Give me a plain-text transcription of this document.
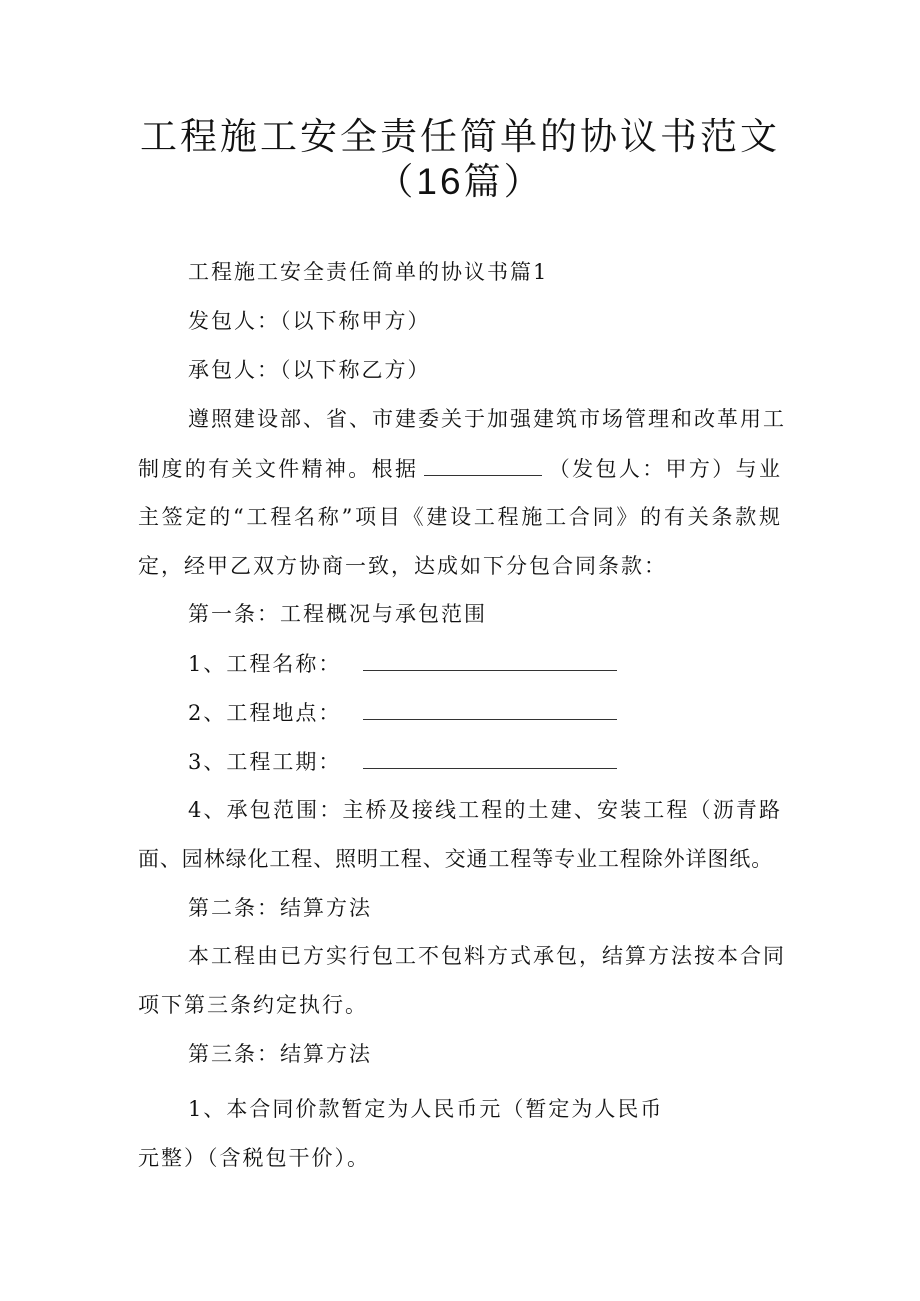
工程施工安全责任简单的协议书范文
（16篇）
工程施工安全责任简单的协议书篇1
发包人：（以下称甲方）
承包人：（以下称乙方）
遵照建设部、省、市建委关于加强建筑市场管理和改革用工
制度的有关文件精神。根据	（发包人：甲方）与业
主签定的“工程名称”项目《建设工程施工合同》的有关条款规
定，经甲乙双方协商一致，达成如下分包合同条款：
第一条：工程概况与承包范围
1、工程名称：
2、工程地点：
3、工程工期：
4、承包范围：主桥及接线工程的土建、安装工程（沥青路
面、园林绿化工程、照明工程、交通工程等专业工程除外详图纸。
第二条：结算方法
本工程由已方实行包工不包料方式承包，结算方法按本合同
项下第三条约定执行。
第三条：结算方法
1、本合同价款暂定为人民币元（暂定为人民币
元整）（含税包干价）。
